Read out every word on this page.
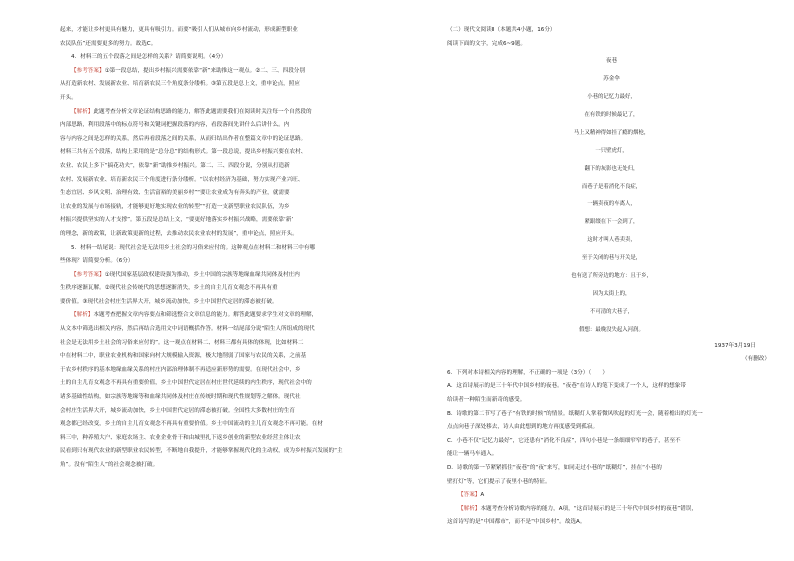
起来，才能让乡村更具有魅力，更具有吸引力。而要“吸引人们从城市向乡村流动，形成新型职业

农民队伍”还需要更多的努力。故选C。

4．材料三的五个段落之间是怎样的关系？请简要说明。（4分）

【参考答案】①第一段总结，提出乡村振兴需要依靠“新”来助推这一观点。②二、三、四段分别

从打造新农村、发展新农业、培育新农民三个角度条分缕析。③第五段是总上文，重申论点，照应

开头。

【解析】此题考查分析文章论证结构思路的能力，解答此题需要我们在阅读时关注每一个自然段的

内部思路，利用段落中的标点符号和关键词把握段落的内容，看段落间先讲什么后讲什么。内

容与内容之间是怎样的关系，然后再看段落之间的关系，从而归结出作者在整篇文章中的论证思路。

材料三共有五个段落，结构上采用的是“总分总”的结构形式。第一段总说，提出乡村振兴要在农村、

农业、农民上多下“搞花功夫”，依靠“新”助推乡村振兴。第二、三、四段分说，分别从打造新

农村、发展新农业、培育新农民三个角度进行条分缕析。“以农村经济为基础，努力实现产业兴旺、

生态宜居、乡风文明、治理有效、生活富裕的美丽乡村”“要让农业成为有奔头的产业，就需要

让农业的发展与市场接轨，才能够更好地实现农业的转型”“打造一支新型职业农民队伍，为乡

村振兴提供坚实的人才支撑”。第五段是总结上文，“要更好地落实乡村振兴战略，需要依靠‘新’

的理念，新的政策，让新政策更新的过程，去推动农民农业农村的发展”，重申论点，照应开头。

5．材料一结尾说：现代社会是无法用乡土社会的习俗来应付的。这种观点在材料二和材料三中有哪

些体现？请简要分析。（6分）

【参考答案】①现代国家基层政权建设强为推动，乡土中国的宗族等地缘血缘共同体及村庄内

生秩序逐渐瓦解。②现代社会传统代的思想逐渐消失，乡土的自主儿育女观念不再具有重

要价值。③现代社会村庄生活界大开，城乡流动加快，乡土中国世代定居的滞态被打破。

【解析】本题考查把握文章内容要点和筛选整合文章信息的能力。解答此题要求学生对文章的理解，

从文本中筛选出相关内容，然后再结合选用文中词语概括作答。材料一结尾部分说“陌生人所组成的现代

社会是无法用乡土社会的习俗来应付的”。这一观点在材料二、材料三都有具体的体现，比如材料二

中在材料二中，职业农业机构和国家向村大规模输入资源，极大地削弱了国家与农民的关系，之前基

于农乡村秩序的基本地缘血缘关系的村庄内部治理体制不再适应新形势的需要。在现代社会中，乡

土的自主儿育女观念不再具有重要价值，乡土中国世代定居在村庄世代延续的内生秩序，现代社会中的

诸多基础性结构，如宗族等地缘等和血缘共同体及村庄在传统时期和现代性规划等之解体。现代社

会村庄生活界大开，城乡流动加快，乡土中国世代定居的滞态被打破。全国性大多数村庄的生育

观念都已经改变，乡土的自主儿育女观念不再具有重要价值。乡土中国流动的主儿育女观念不再可能。在材

料三中，种养殖大户、家庭农场主、农业企业骨干和由城里扎下返乡创业的新型农业经营主体让农

民看到只有现代农业的新型职业农民转型，不断地自我提升，才能够掌握现代化的主动权，成为乡村振兴发展的“主

角”。没有“陌生人”的社会观念被打破。

（二）现代文阅读Ⅱ（本题共4小题，16分）

阅读下面的文字，完成6~9题。

夜巷
苏金伞
小巷的记忆力最好，
在有铁的时候最记了，
马上又精神得如挂了瘾的烟枪，
一只壁虎灯，
翻下的灰影也无处归，
而巷子是着消化不良症，
一辆卖夜的车离人，
紧跟缀在下一会到了，
这时才叫人巷卖卖，
至于关闭的巷与开关是，
也有送了所旁边的地方：且于乡，
因为太街上的，
不可清的大巷子，
假想：最晚没失起入河润。
1937年3月19日
（有删改）

6．下列对本诗相关内容的理解，不正确的一项是（3分）（　　）

A．这首诗展示的是三十年代中国乡村的夜巷。“夜巷”在诗人的笔下变成了一个人，这样的想象带

给读者一种陌生而新奇的感受。

B．诗歌的第二节写了巷子“有铁的时候”的情景。纸糊灯人掌着微风吹起的灯光一会，随着檐出的灯光一

点点向巷子深处移去，诗人由此想到的地方再度感受到孤寂。

C．小巷不仅“记忆力最好”，它还患有“消化不良症”，四句小巷是一条细细窄窄的巷子，甚至不

能让一辆马车通入。

D．诗歌的第一节紧紧抓住“夜巷”的“夜”来写，如同走过小巷的“纸糊灯”，挂在“小巷的

壁打灯”等，它们提示了夜里小巷的特征。

【答案】A

【解析】本题考查分析诗歌内容的能力，A项，“这首诗展示的是三十年代中国乡村的夜巷”错误，

这首诗写的是“中国都市”，而不是“中国乡村”。故选A。
